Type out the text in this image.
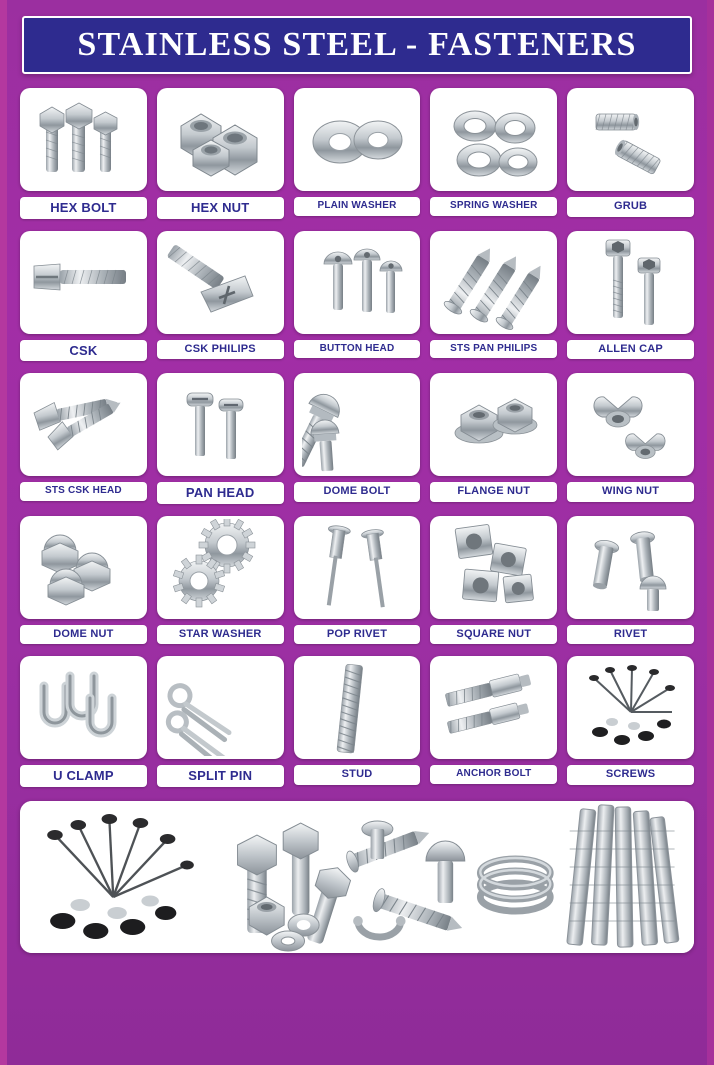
STAINLESS STEEL - FASTENERS
HEX BOLT	HEX NUT	PLAIN WASHER	SPRING WASHER	GRUB
CSK	CSK PHILIPS	BUTTON HEAD	STS PAN PHILIPS	ALLEN CAP
STS CSK HEAD	PAN HEAD	DOME BOLT	FLANGE NUT	WING NUT
DOME NUT	STAR WASHER	POP RIVET	SQUARE NUT	RIVET
U CLAMP	SPLIT PIN	STUD	ANCHOR BOLT	SCREWS
